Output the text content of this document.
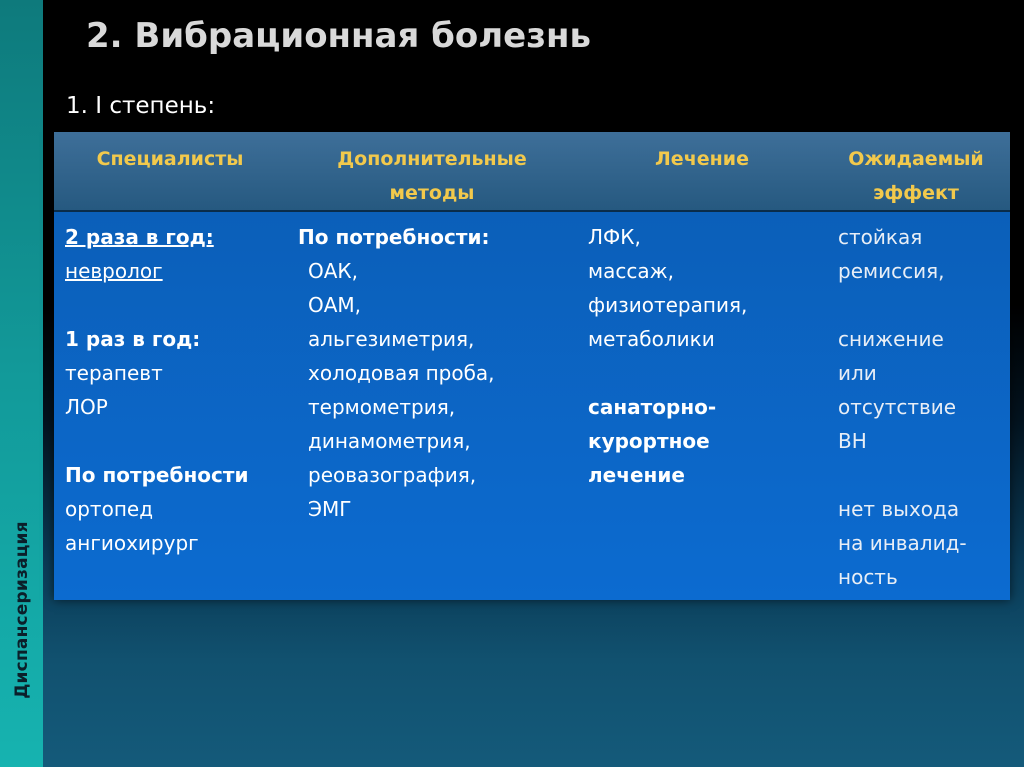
Диспансеризация
2. Вибрационная болезнь
1. I степень:
Специалисты	Дополнительные
методы
Лечение	Ожидаемый
эффект
2 раза в год:
невролог
1 раз в год:
терапевт
ЛОР
По потребности
ортопед
ангиохирург
По потребности:
ОАК,
ОАМ,
альгезиметрия,
холодовая проба,
термометрия,
динамометрия,
реовазография,
ЭМГ
ЛФК,
массаж,
физиотерапия,
метаболики
санаторно-
курортное
лечение
стойкая
ремиссия,
снижение
или
отсутствие
ВН
нет выхода
на инвалид-
ность
